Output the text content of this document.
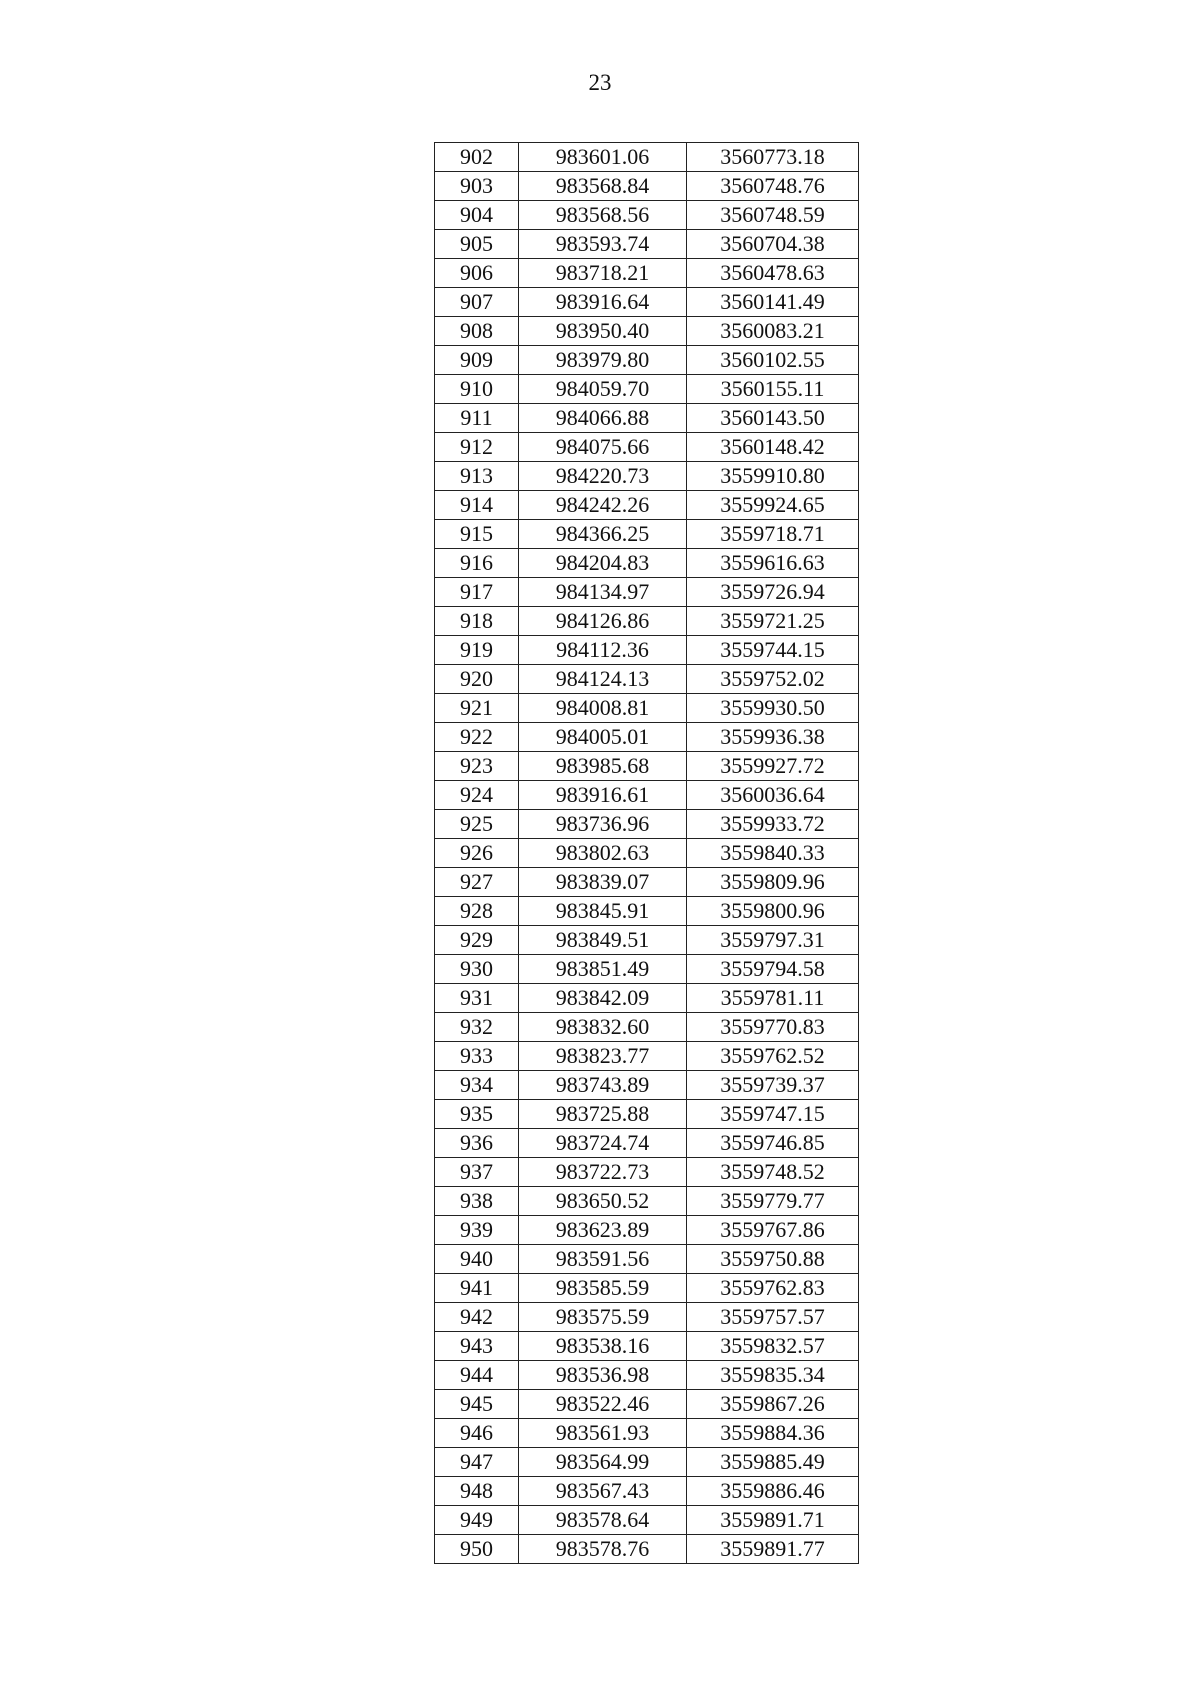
23
902	983601.06	3560773.18
903	983568.84	3560748.76
904	983568.56	3560748.59
905	983593.74	3560704.38
906	983718.21	3560478.63
907	983916.64	3560141.49
908	983950.40	3560083.21
909	983979.80	3560102.55
910	984059.70	3560155.11
911	984066.88	3560143.50
912	984075.66	3560148.42
913	984220.73	3559910.80
914	984242.26	3559924.65
915	984366.25	3559718.71
916	984204.83	3559616.63
917	984134.97	3559726.94
918	984126.86	3559721.25
919	984112.36	3559744.15
920	984124.13	3559752.02
921	984008.81	3559930.50
922	984005.01	3559936.38
923	983985.68	3559927.72
924	983916.61	3560036.64
925	983736.96	3559933.72
926	983802.63	3559840.33
927	983839.07	3559809.96
928	983845.91	3559800.96
929	983849.51	3559797.31
930	983851.49	3559794.58
931	983842.09	3559781.11
932	983832.60	3559770.83
933	983823.77	3559762.52
934	983743.89	3559739.37
935	983725.88	3559747.15
936	983724.74	3559746.85
937	983722.73	3559748.52
938	983650.52	3559779.77
939	983623.89	3559767.86
940	983591.56	3559750.88
941	983585.59	3559762.83
942	983575.59	3559757.57
943	983538.16	3559832.57
944	983536.98	3559835.34
945	983522.46	3559867.26
946	983561.93	3559884.36
947	983564.99	3559885.49
948	983567.43	3559886.46
949	983578.64	3559891.71
950	983578.76	3559891.77
